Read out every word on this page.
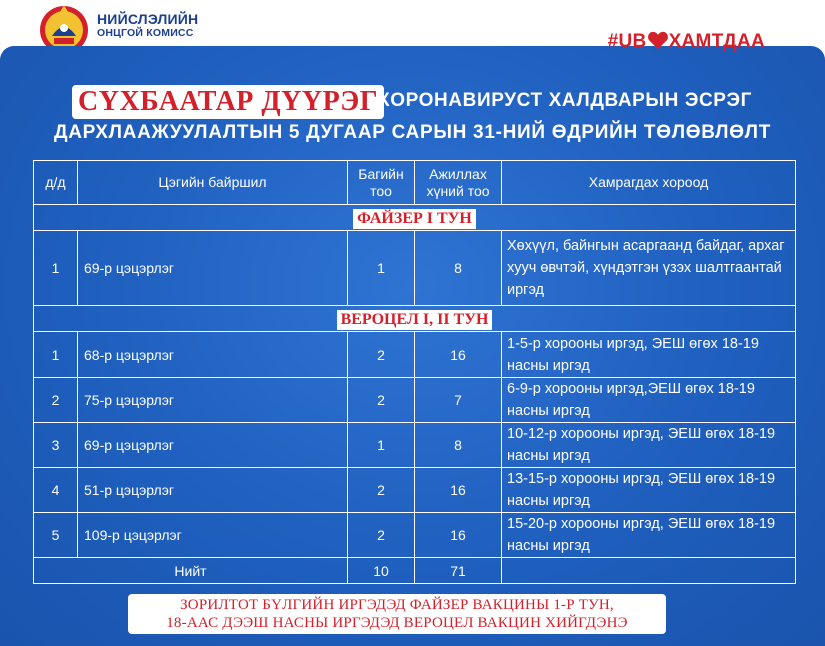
НИЙСЛЭЛИЙН
ОНЦГОЙ КОМИСС	#UB ХАМТДАА
СҮХБААТАР ДҮҮРЭГ КОРОНАВИРУСТ ХАЛДВАРЫН ЭСРЭГ
ДАРХЛААЖУУЛАЛТЫН 5 ДУГААР САРЫН 31-НИЙ ӨДРИЙН ТӨЛӨВЛӨЛТ
д/д	Цэгийн байршил	Багийн тоо	Ажиллах хүний тоо	Хамрагдах хороод
ФАЙЗЕР I ТУН				
1	69-р цэцэрлэг	1	8	Хөхүүл, байнгын асаргаанд байдаг, архаг хууч өвчтэй, хүндэтгэн үзэх шалтгаантай иргэд
ВЕРОЦЕЛ I, II ТУН				
1	68-р цэцэрлэг	2	16	1-5-р хорооны иргэд, ЭЕШ өгөх 18-19 насны иргэд
2	75-р цэцэрлэг	2	7	6-9-р хорооны иргэд,ЭЕШ өгөх 18-19 насны иргэд
3	69-р цэцэрлэг	1	8	10-12-р хорооны иргэд, ЭЕШ өгөх 18-19 насны иргэд
4	51-р цэцэрлэг	2	16	13-15-р хорооны иргэд, ЭЕШ өгөх 18-19 насны иргэд
5	109-р цэцэрлэг	2	16	15-20-р хорооны иргэд, ЭЕШ өгөх 18-19 насны иргэд
Нийт		10	71	
ЗОРИЛТОТ БҮЛГИЙН ИРГЭДЭД ФАЙЗЕР ВАКЦИНЫ 1-Р ТУН,
18-ААС ДЭЭШ НАСНЫ ИРГЭДЭД ВЕРОЦЕЛ ВАКЦИН ХИЙГДЭНЭ
